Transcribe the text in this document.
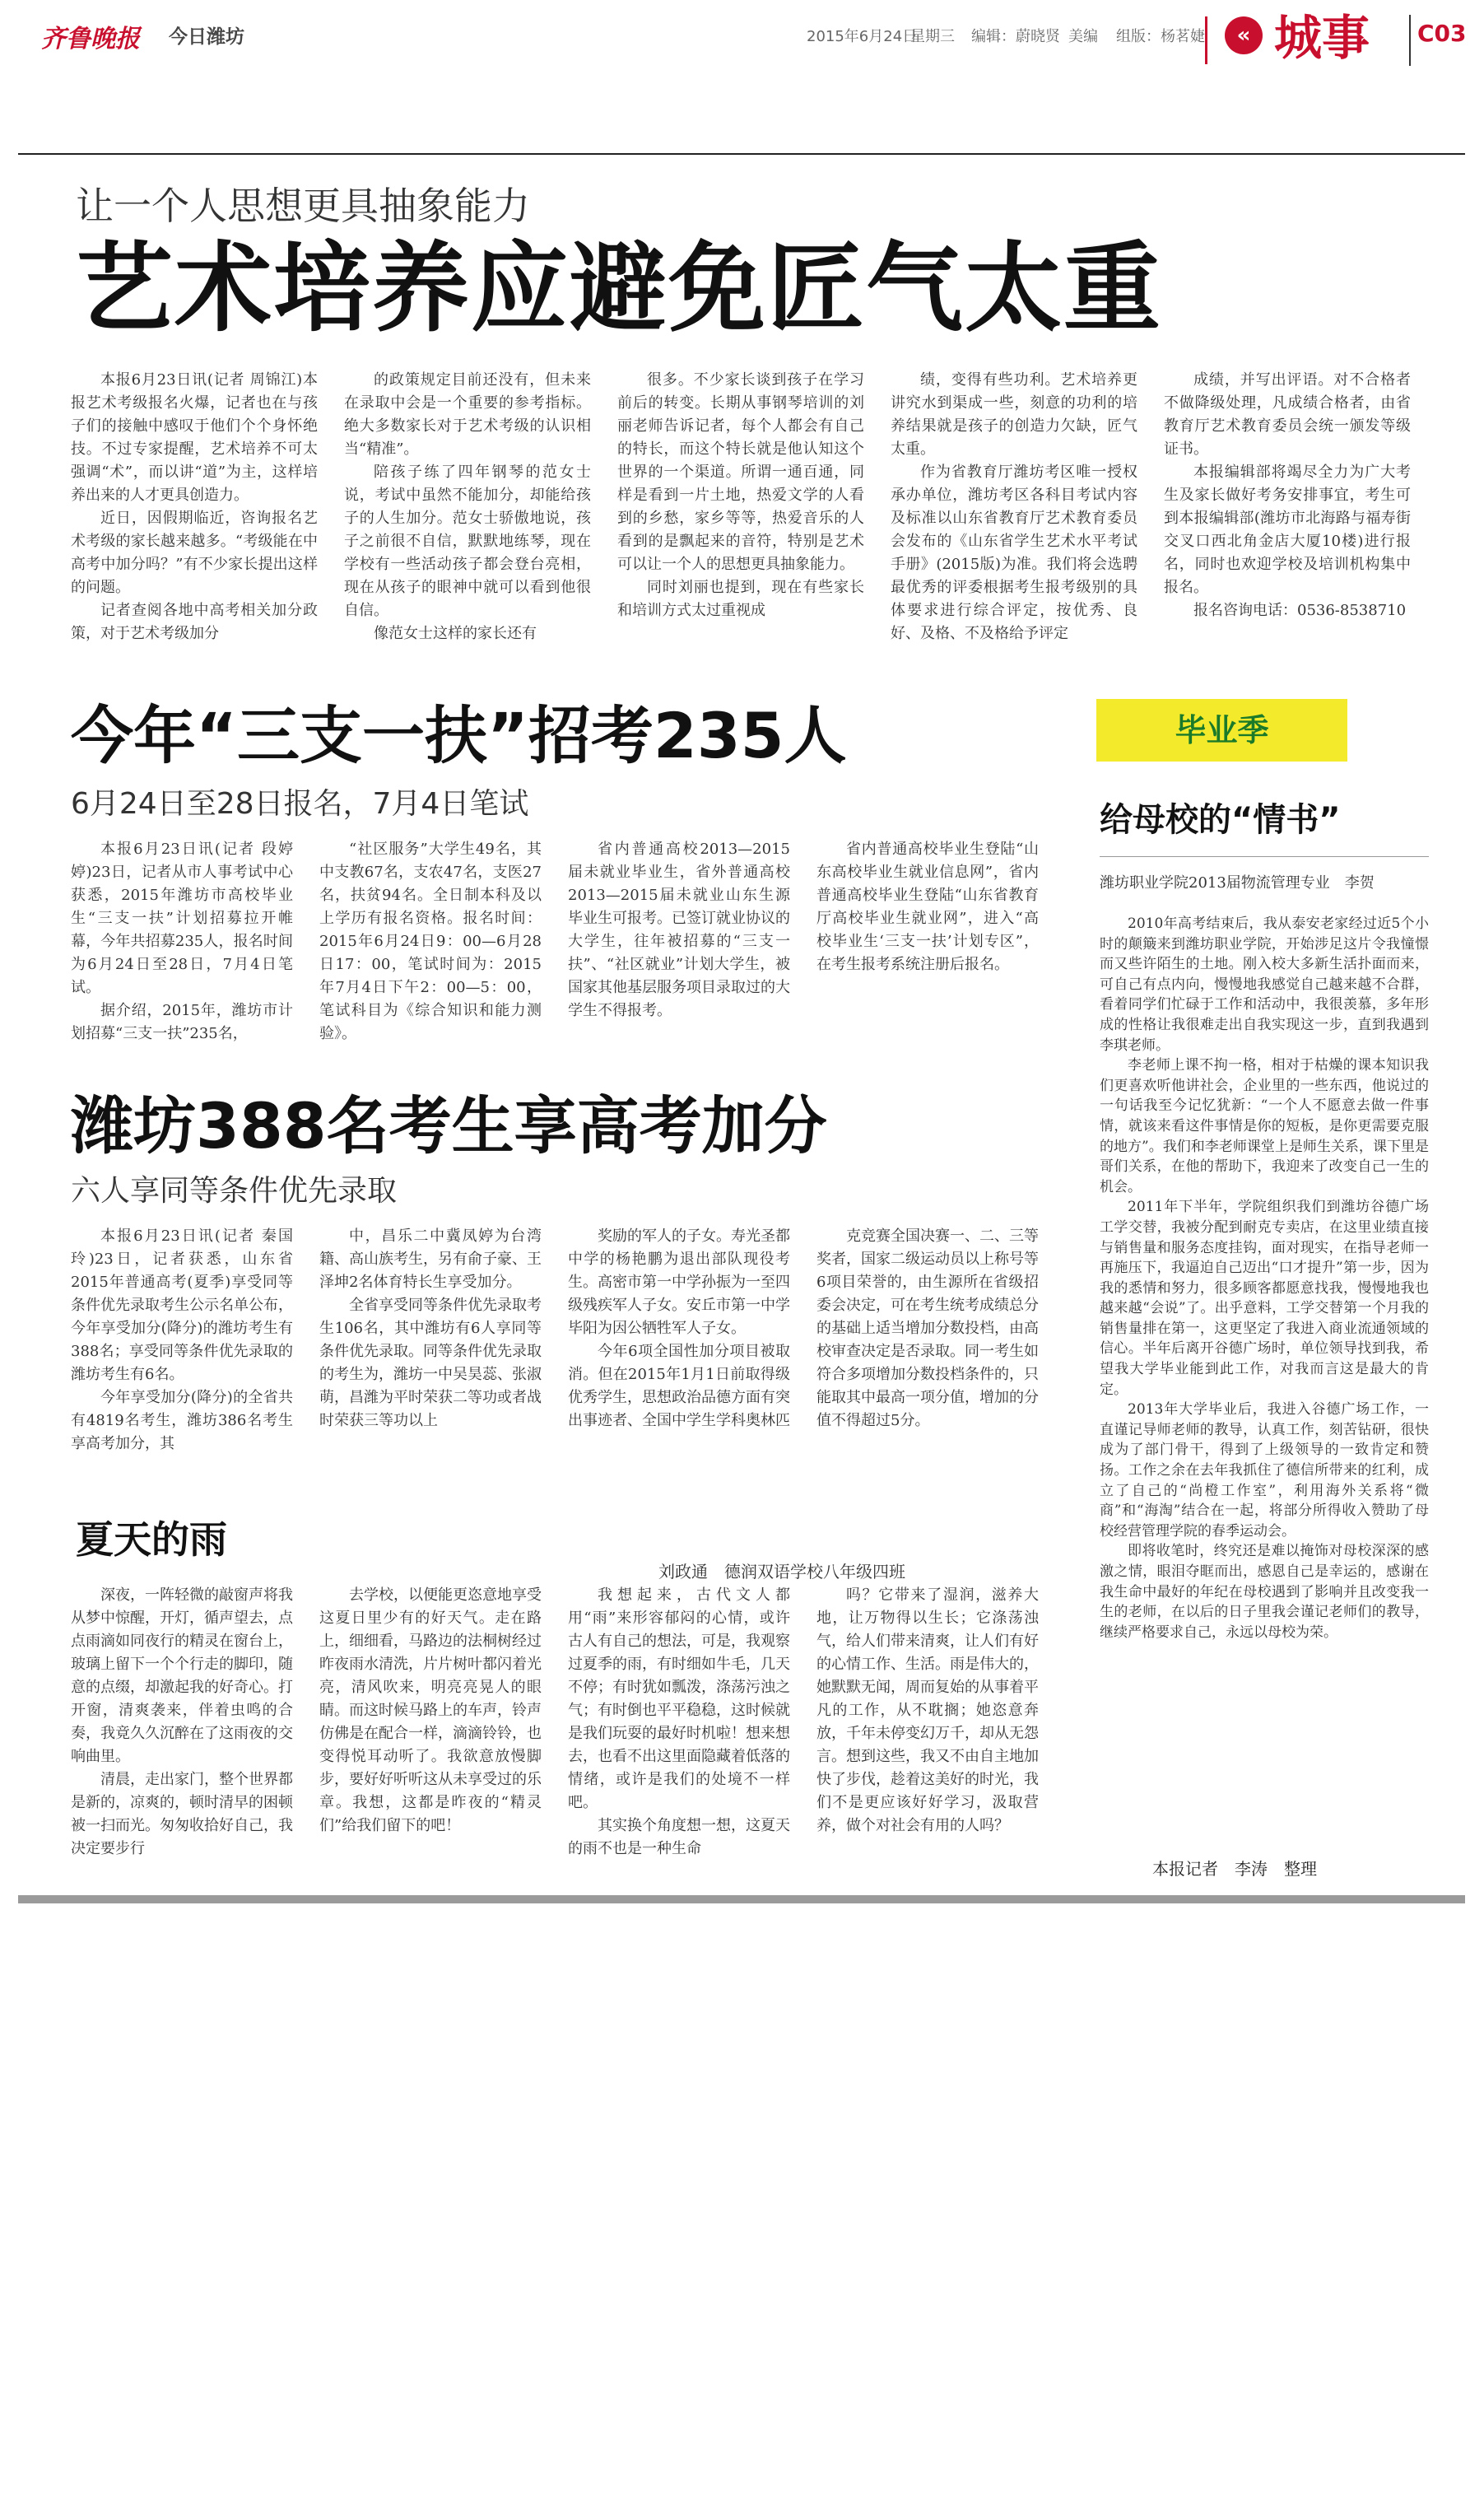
齐鲁晚报 今日潍坊	2015年6月24日
星期三 编辑：蔚晓贤 美编 组版：杨茗婕	« 城事 C03
让一个人思想更具抽象能力
艺术培养应避免匠气太重

本报6月23日讯(记者 周锦江)本报艺术考级报名火爆，记者也在与孩子们的接触中感叹于他们个个身怀绝技。不过专家提醒，艺术培养不可太强调“术”，而以讲“道”为主，这样培养出来的人才更具创造力。

近日，因假期临近，咨询报名艺术考级的家长越来越多。“考级能在中高考中加分吗？”有不少家长提出这样的问题。

记者查阅各地中高考相关加分政策，对于艺术考级加分

的政策规定目前还没有，但未来在录取中会是一个重要的参考指标。绝大多数家长对于艺术考级的认识相当“精准”。

陪孩子练了四年钢琴的范女士说，考试中虽然不能加分，却能给孩子的人生加分。范女士骄傲地说，孩子之前很不自信，默默地练琴，现在学校有一些活动孩子都会登台亮相，现在从孩子的眼神中就可以看到他很自信。

像范女士这样的家长还有

很多。不少家长谈到孩子在学习前后的转变。长期从事钢琴培训的刘丽老师告诉记者，每个人都会有自己的特长，而这个特长就是他认知这个世界的一个渠道。所谓一通百通，同样是看到一片土地，热爱文学的人看到的乡愁，家乡等等，热爱音乐的人看到的是飘起来的音符，特别是艺术可以让一个人的思想更具抽象能力。

同时刘丽也提到，现在有些家长和培训方式太过重视成

绩，变得有些功利。艺术培养更讲究水到渠成一些，刻意的功利的培养结果就是孩子的创造力欠缺，匠气太重。

作为省教育厅潍坊考区唯一授权承办单位，潍坊考区各科目考试内容及标准以山东省教育厅艺术教育委员会发布的《山东省学生艺术水平考试手册》(2015版)为准。我们将会选聘最优秀的评委根据考生报考级别的具体要求进行综合评定，按优秀、良好、及格、不及格给予评定

成绩，并写出评语。对不合格者不做降级处理，凡成绩合格者，由省教育厅艺术教育委员会统一颁发等级证书。

本报编辑部将竭尽全力为广大考生及家长做好考务安排事宜，考生可到本报编辑部(潍坊市北海路与福寿街交叉口西北角金店大厦10楼)进行报名，同时也欢迎学校及培训机构集中报名。

报名咨询电话：0536-8538710

今年“三支一扶”招考235人
6月24日至28日报名，7月4日笔试

本报6月23日讯(记者 段婷婷)23日，记者从市人事考试中心获悉，2015年潍坊市高校毕业生“三支一扶”计划招募拉开帷幕，今年共招募235人，报名时间为6月24日至28日，7月4日笔试。

据介绍，2015年，潍坊市计划招募“三支一扶”235名，

“社区服务”大学生49名，其中支教67名，支农47名，支医27名，扶贫94名。全日制本科及以上学历有报名资格。报名时间：2015年6月24日9：00—6月28日17：00，笔试时间为：2015年7月4日下午2：00—5：00，笔试科目为《综合知识和能力测验》。

省内普通高校2013—2015届未就业毕业生，省外普通高校2013—2015届未就业山东生源毕业生可报考。已签订就业协议的大学生，往年被招募的“三支一扶”、“社区就业”计划大学生，被国家其他基层服务项目录取过的大学生不得报考。

省内普通高校毕业生登陆“山东高校毕业生就业信息网”，省内普通高校毕业生登陆“山东省教育厅高校毕业生就业网”，进入“高校毕业生‘三支一扶’计划专区”，在考生报考系统注册后报名。

潍坊388名考生享高考加分
六人享同等条件优先录取

本报6月23日讯(记者 秦国玲)23日，记者获悉，山东省2015年普通高考(夏季)享受同等条件优先录取考生公示名单公布，今年享受加分(降分)的潍坊考生有388名；享受同等条件优先录取的潍坊考生有6名。

今年享受加分(降分)的全省共有4819名考生，潍坊386名考生享高考加分，其

中，昌乐二中冀凤婷为台湾籍、高山族考生，另有俞子豪、王泽坤2名体育特长生享受加分。

全省享受同等条件优先录取考生106名，其中潍坊有6人享同等条件优先录取。同等条件优先录取的考生为，潍坊一中吴昊蕊、张淑萌，昌潍为平时荣获二等功或者战时荣获三等功以上

奖励的军人的子女。寿光圣都中学的杨艳鹏为退出部队现役考生。高密市第一中学孙振为一至四级残疾军人子女。安丘市第一中学毕阳为因公牺牲军人子女。

今年6项全国性加分项目被取消。但在2015年1月1日前取得级优秀学生，思想政治品德方面有突出事迹者、全国中学生学科奥林匹

克竞赛全国决赛一、二、三等奖者，国家二级运动员以上称号等6项目荣誉的，由生源所在省级招委会决定，可在考生统考成绩总分的基础上适当增加分数投档，由高校审查决定是否录取。同一考生如符合多项增加分数投档条件的，只能取其中最高一项分值，增加的分值不得超过5分。

夏天的雨
刘政通　德润双语学校八年级四班

深夜，一阵轻微的敲窗声将我从梦中惊醒，开灯，循声望去，点点雨滴如同夜行的精灵在窗台上，玻璃上留下一个个行走的脚印，随意的点缀，却激起我的好奇心。打开窗，清爽袭来，伴着虫鸣的合奏，我竟久久沉醉在了这雨夜的交响曲里。

清晨，走出家门，整个世界都是新的，凉爽的，顿时清早的困顿被一扫而光。匆匆收拾好自己，我决定要步行

去学校，以便能更恣意地享受这夏日里少有的好天气。走在路上，细细看，马路边的法桐树经过昨夜雨水清洗，片片树叶都闪着光亮，清风吹来，明亮亮晃人的眼睛。而这时候马路上的车声，铃声仿佛是在配合一样，滴滴铃铃，也变得悦耳动听了。我欲意放慢脚步，要好好听听这从未享受过的乐章。我想，这都是昨夜的“精灵们”给我们留下的吧！

我想起来，古代文人都用“雨”来形容郁闷的心情，或许古人有自己的想法，可是，我观察过夏季的雨，有时细如牛毛，几天不停；有时犹如瓢泼，涤荡污浊之气；有时倒也平平稳稳，这时候就是我们玩耍的最好时机啦！想来想去，也看不出这里面隐藏着低落的情绪，或许是我们的处境不一样吧。

其实换个角度想一想，这夏天的雨不也是一种生命

吗？它带来了湿润，滋养大地，让万物得以生长；它涤荡浊气，给人们带来清爽，让人们有好的心情工作、生活。雨是伟大的，她默默无闻，周而复始的从事着平凡的工作，从不耽搁；她恣意奔放，千年未停变幻万千，却从无怨言。想到这些，我又不由自主地加快了步伐，趁着这美好的时光，我们不是更应该好好学习，汲取营养，做个对社会有用的人吗？

毕业季
给母校的“情书”
潍坊职业学院2013届物流管理专业　李贺

2010年高考结束后，我从泰安老家经过近5个小时的颠簸来到潍坊职业学院，开始涉足这片令我憧憬而又些许陌生的土地。刚入校大多新生活扑面而来，可自己有点内向，慢慢地我感觉自己越来越不合群，看着同学们忙碌于工作和活动中，我很羡慕，多年形成的性格让我很难走出自我实现这一步，直到我遇到李琪老师。

李老师上课不拘一格，相对于枯燥的课本知识我们更喜欢听他讲社会，企业里的一些东西，他说过的一句话我至今记忆犹新：“一个人不愿意去做一件事情，就该来看这件事情是你的短板，是你更需要克服的地方”。我们和李老师课堂上是师生关系，课下里是哥们关系，在他的帮助下，我迎来了改变自己一生的机会。

2011年下半年，学院组织我们到潍坊谷德广场工学交替，我被分配到耐克专卖店，在这里业绩直接与销售量和服务态度挂钩，面对现实，在指导老师一再施压下，我逼迫自己迈出“口才提升”第一步，因为我的悉情和努力，很多顾客都愿意找我，慢慢地我也越来越“会说”了。出乎意料，工学交替第一个月我的销售量排在第一，这更坚定了我进入商业流通领域的信心。半年后离开谷德广场时，单位领导找到我，希望我大学毕业能到此工作，对我而言这是最大的肯定。

2013年大学毕业后，我进入谷德广场工作，一直谨记导师老师的教导，认真工作，刻苦钻研，很快成为了部门骨干，得到了上级领导的一致肯定和赞扬。工作之余在去年我抓住了德信所带来的红利，成立了自己的“尚橙工作室”，利用海外关系将“微商”和“海淘”结合在一起，将部分所得收入赞助了母校经营管理学院的春季运动会。

即将收笔时，终究还是难以掩饰对母校深深的感激之情，眼泪夺眶而出，感恩自己是幸运的，感谢在我生命中最好的年纪在母校遇到了影响并且改变我一生的老师，在以后的日子里我会谨记老师们的教导，继续严格要求自己，永远以母校为荣。

本报记者　李涛　整理
